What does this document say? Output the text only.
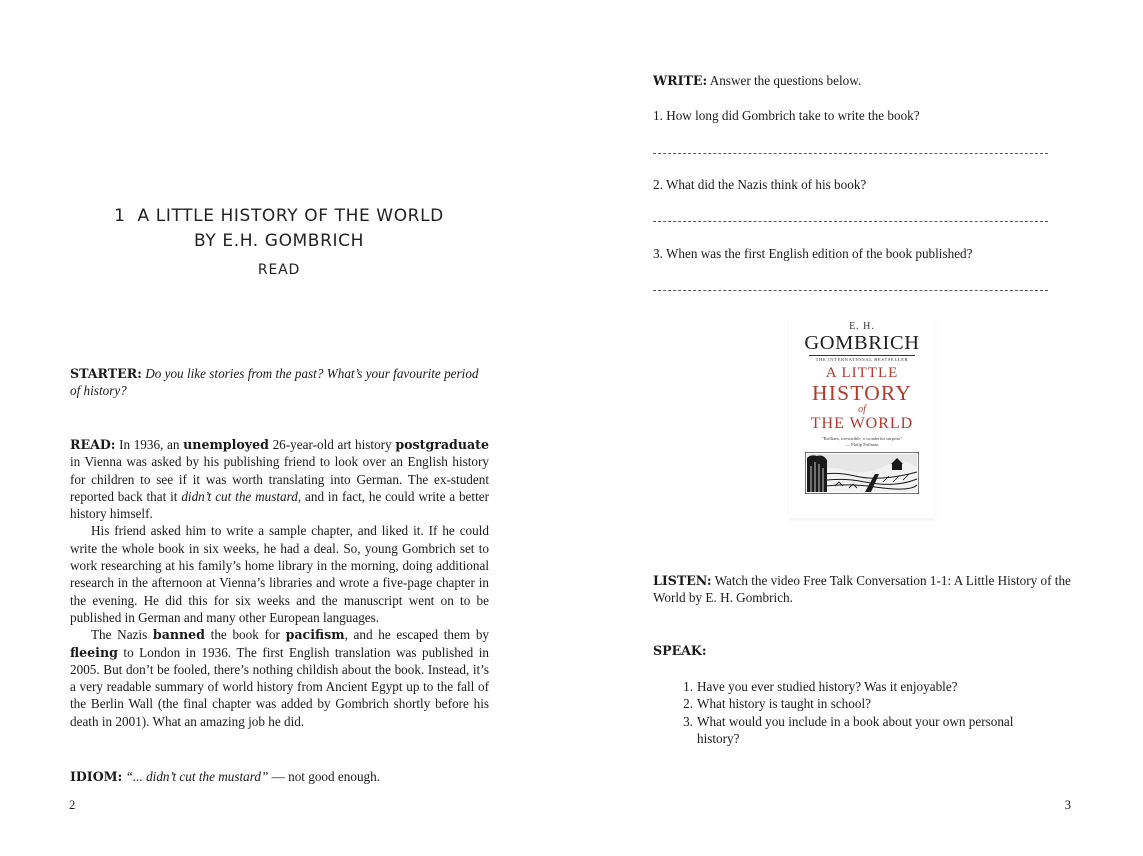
1 A LITTLE HISTORY OF THE WORLD
BY E.H. GOMBRICH
READ
STARTER: Do you like stories from the past? What’s your favourite period of history?

READ: In 1936, an unemployed 26-year-old art history postgraduate in Vienna was asked by his publishing friend to look over an English history for children to see if it was worth translating into German. The ex-student reported back that it didn’t cut the mustard, and in fact, he could write a better history himself.

His friend asked him to write a sample chapter, and liked it. If he could write the whole book in six weeks, he had a deal. So, young Gombrich set to work researching at his family’s home library in the morning, doing additional research in the afternoon at Vienna’s libraries and wrote a five-page chapter in the evening. He did this for six weeks and the manuscript went on to be published in German and many other European languages.

The Nazis banned the book for pacifism, and he escaped them by fleeing to London in 1936. The first English translation was published in 2005. But don’t be fooled, there’s nothing childish about the book. Instead, it’s a very readable summary of world history from Ancient Egypt up to the fall of the Berlin Wall (the final chapter was added by Gombrich shortly before his death in 2001). What an amazing job he did.

IDIOM: “... didn’t cut the mustard” — not good enough.
2
WRITE: Answer the questions below.
1. How long did Gombrich take to write the book?
2. What did the Nazis think of his book?
3. When was the first English edition of the book published?
E. H.
GOMBRICH
THE INTERNATIONAL BESTSELLER
A LITTLE
HISTORY
of
THE WORLD
"Brilliant, irresistible, a wonderful surprise"
— Philip Pullman
LISTEN: Watch the video Free Talk Conversation 1-1: A Little History of the World by E. H. Gombrich.
SPEAK:
1. Have you ever studied history? Was it enjoyable?
2. What history is taught in school?
3. What would you include in a book about your own personal history?
3
